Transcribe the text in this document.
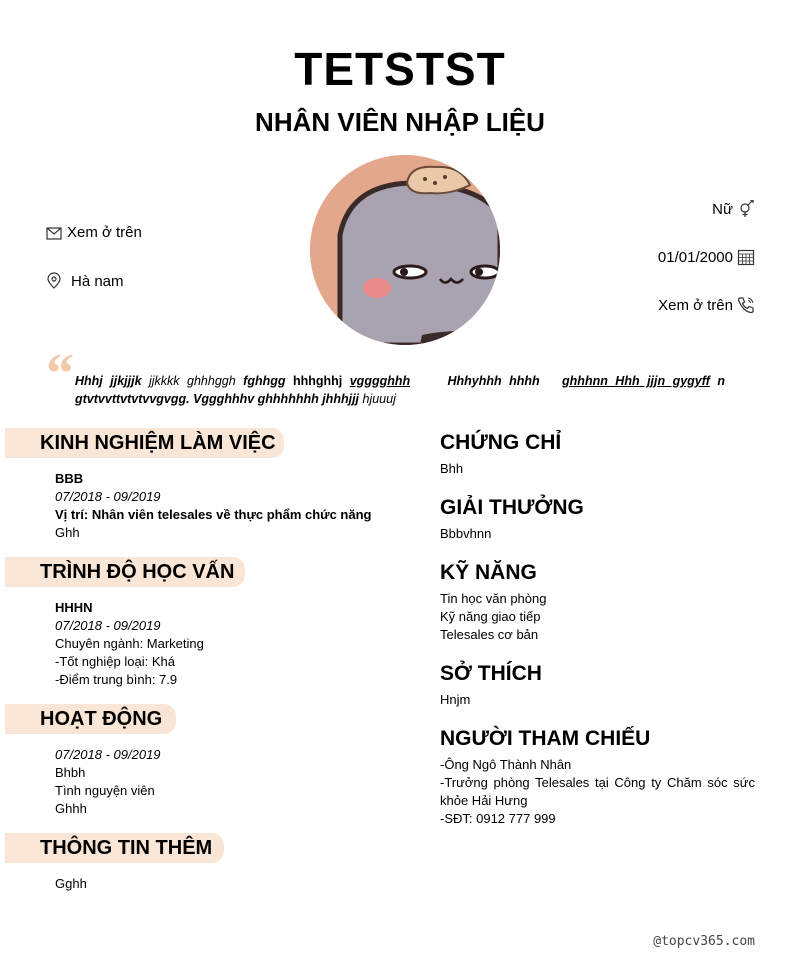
TETSTST
NHÂN VIÊN NHẬP LIỆU
Xem ở trên
Hà nam
Nữ
01/01/2000
Xem ở trên
“ Hhhj jjkjjjk jjkkkk ghhhggh fghhgg hhhghhj vgggghhh	Hhhyhhh hhhh ghhhnn Hhh jjjn gygyff n gtvtvvttvtvtvvgvgg. Vggghhhv ghhhhhhh jhhhjjj hjuuuj
KINH NGHIỆM LÀM VIỆC
BBB
07/2018 - 09/2019
Vị trí: Nhân viên telesales về thực phẩm chức năng
Ghh
TRÌNH ĐỘ HỌC VẤN
HHHN
07/2018 - 09/2019
Chuyên ngành: Marketing
-Tốt nghiệp loại: Khá
-Điểm trung bình: 7.9
HOẠT ĐỘNG
07/2018 - 09/2019
Bhbh
Tình nguyện viên
Ghhh
THÔNG TIN THÊM
Gghh
CHỨNG CHỈ
Bhh
GIẢI THƯỞNG
Bbbvhnn
KỸ NĂNG
Tin học văn phòng
Kỹ năng giao tiếp
Telesales cơ bản
SỞ THÍCH
Hnjm
NGƯỜI THAM CHIẾU
-Ông Ngô Thành Nhân
-Trưởng phòng Telesales tại Công ty Chăm sóc sức khỏe Hải Hưng
-SĐT: 0912 777 999
@topcv365.com
